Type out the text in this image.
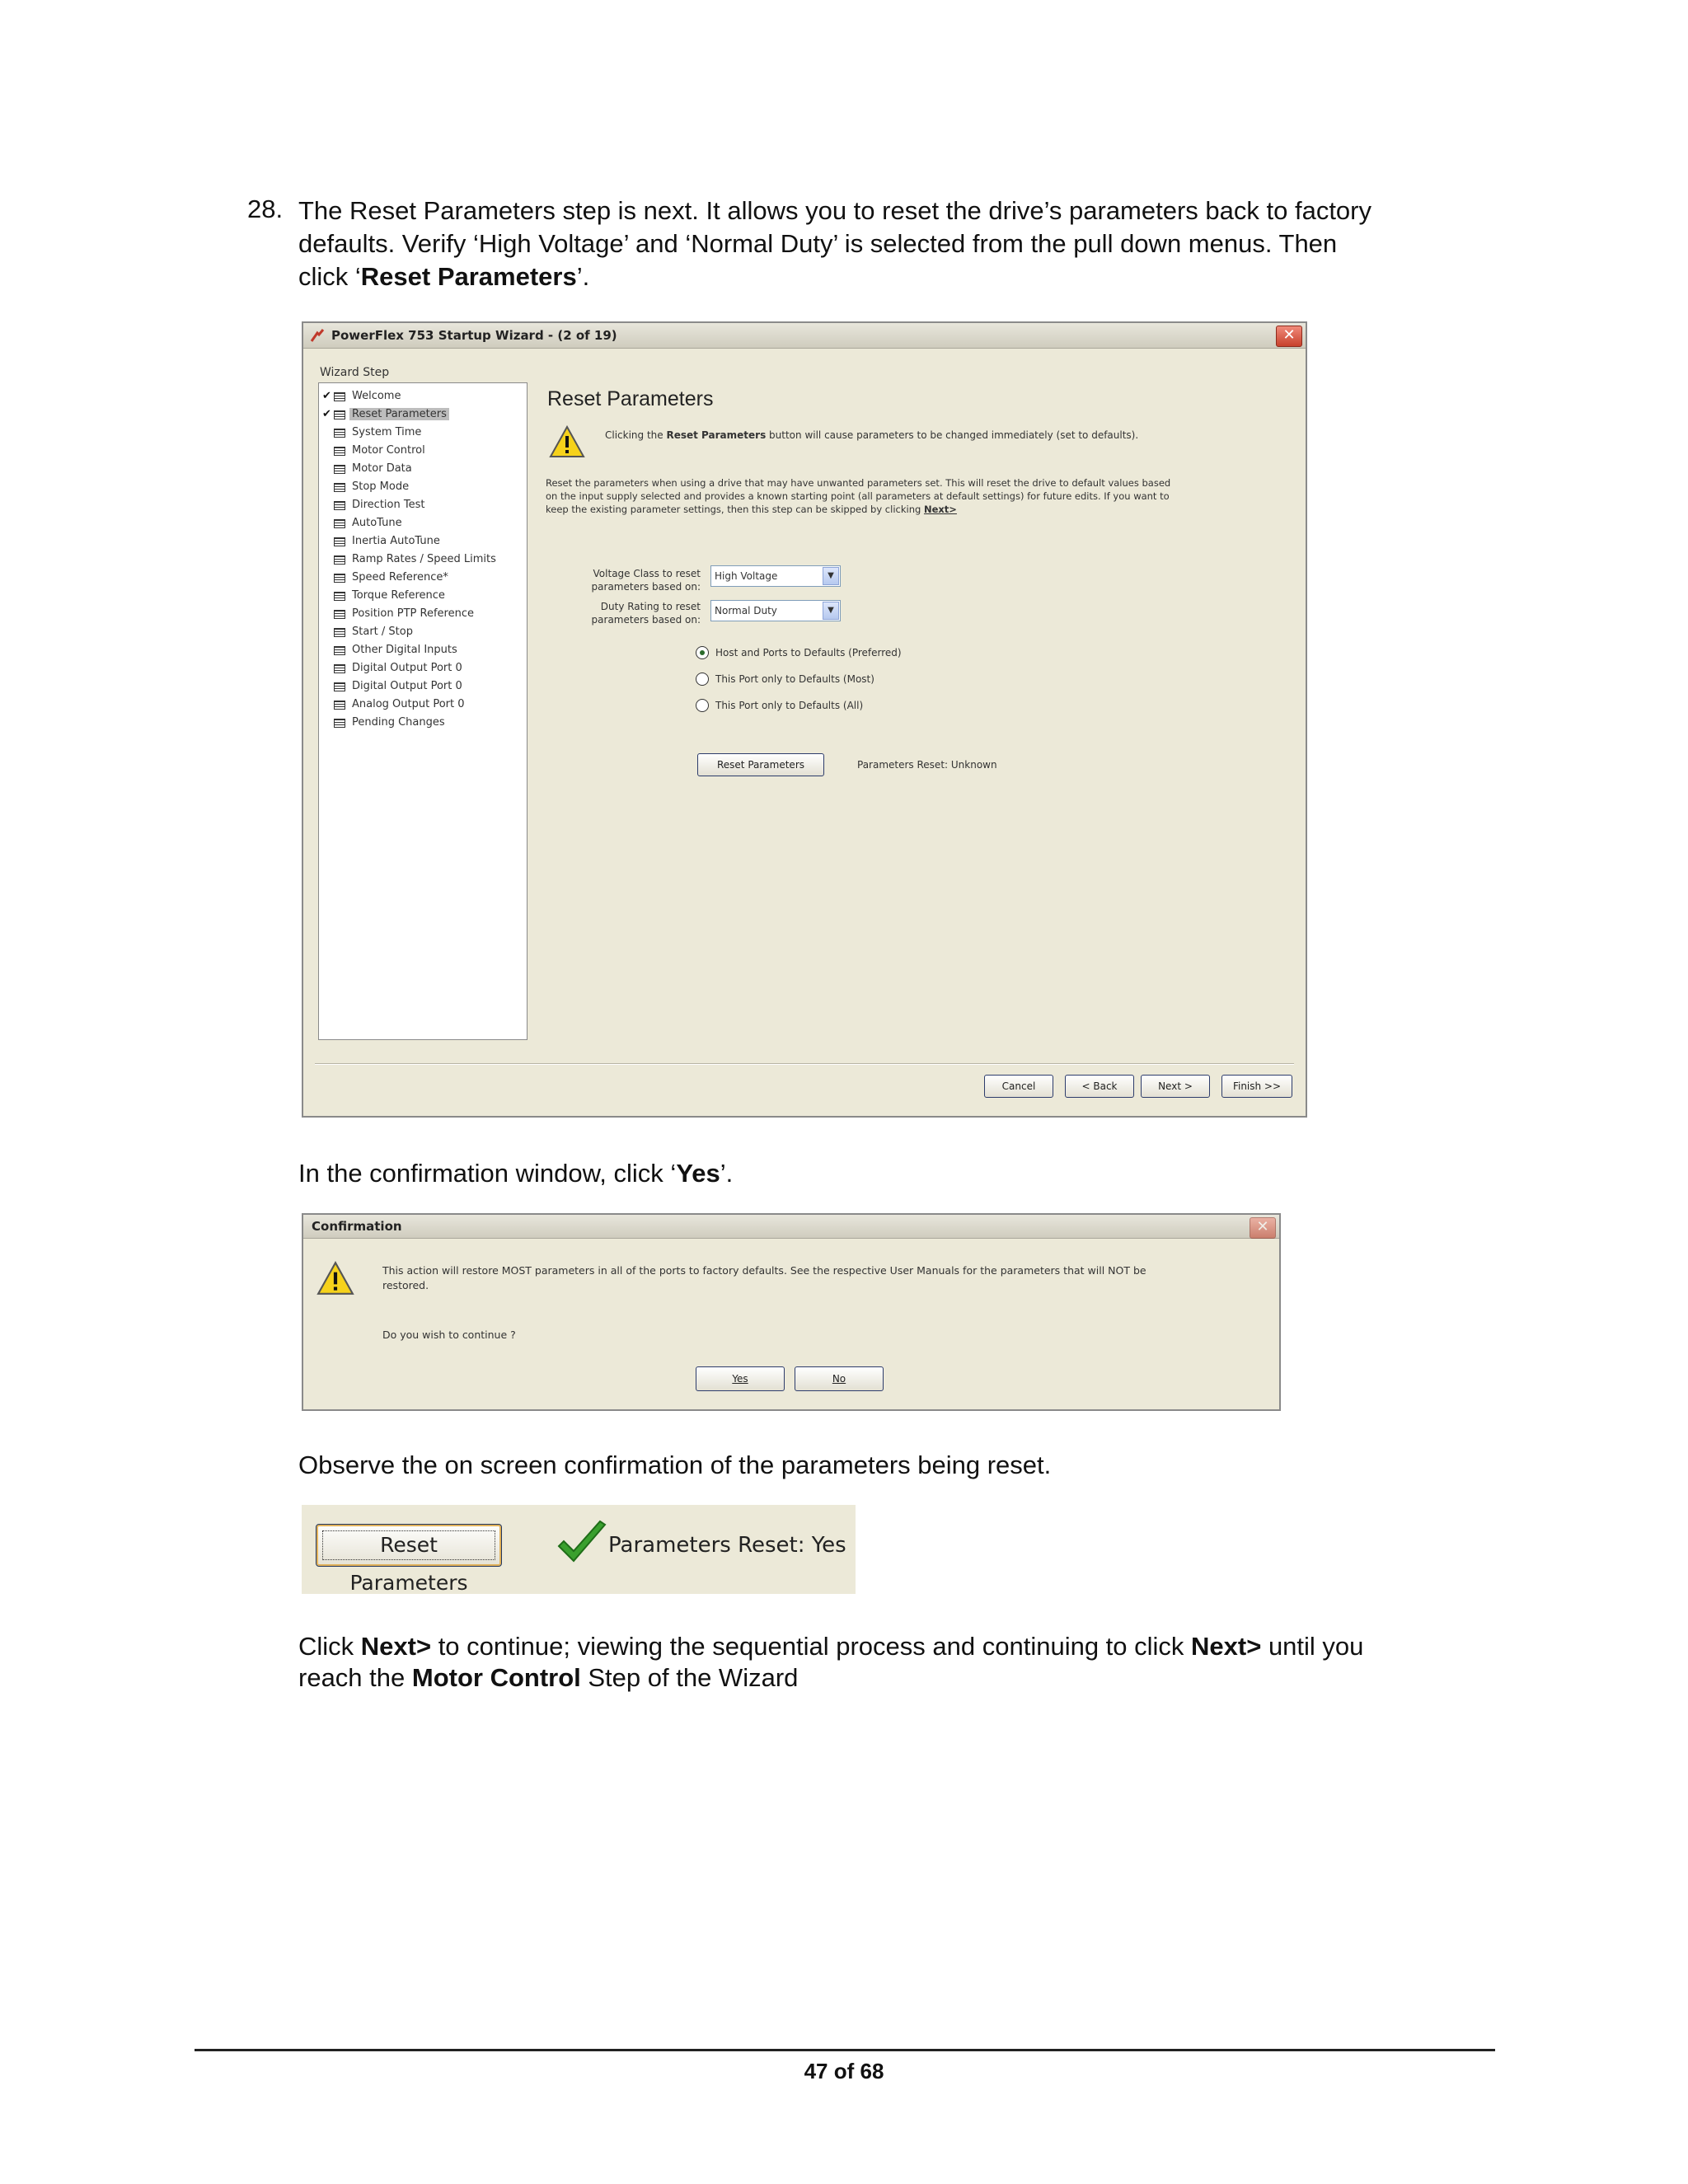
28. The Reset Parameters step is next. It allows you to reset the drive’s parameters back to factory
defaults. Verify ‘High Voltage’ and ‘Normal Duty’ is selected from the pull down menus. Then
click ‘Reset Parameters’.
PowerFlex 753 Startup Wizard - (2 of 19)	✕
Wizard Step
✔ Welcome
✔ Reset Parameters
System Time
Motor Control
Motor Data
Stop Mode
Direction Test
AutoTune
Inertia AutoTune
Ramp Rates / Speed Limits
Speed Reference*
Torque Reference
Position PTP Reference
Start / Stop
Other Digital Inputs
Digital Output Port 0
Digital Output Port 0
Analog Output Port 0
Pending Changes
Reset Parameters
Clicking the Reset Parameters button will cause parameters to be changed immediately (set to defaults).
Reset the parameters when using a drive that may have unwanted parameters set. This will reset the drive to default values based
on the input supply selected and provides a known starting point (all parameters at default settings) for future edits. If you want to
keep the existing parameter settings, then this step can be skipped by clicking Next>
Voltage Class to reset
parameters based on:
High Voltage	▼
Duty Rating to reset
parameters based on:
Normal Duty	▼
Host and Ports to Defaults (Preferred)
This Port only to Defaults (Most)
This Port only to Defaults (All)
Reset Parameters	Parameters Reset: Unknown
Cancel	< Back	Next >	Finish >>
In the confirmation window, click ‘Yes’.
Confirmation	✕
This action will restore MOST parameters in all of the ports to factory defaults. See the respective User Manuals for the parameters that will NOT be
restored.
Do you wish to continue ?
Yes	No
Observe the on screen confirmation of the parameters being reset.
Reset Parameters
Parameters Reset: Yes
Click Next> to continue; viewing the sequential process and continuing to click Next> until you
reach the Motor Control Step of the Wizard
47 of 68
